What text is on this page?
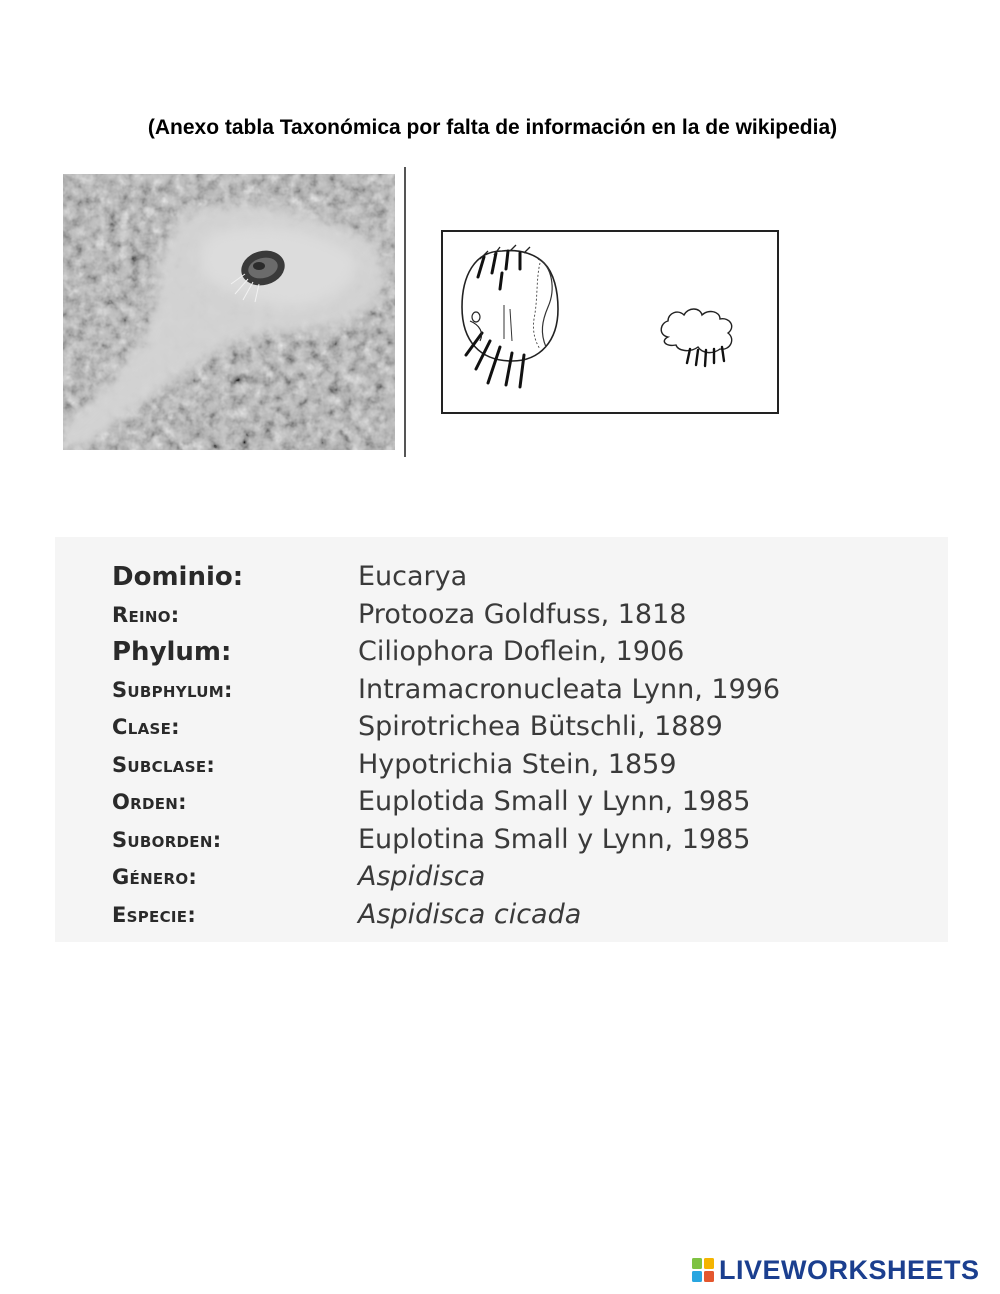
(Anexo tabla Taxonómica por falta de información en la de wikipedia)
Dominio:	Eucarya
Reino:	Protooza Goldfuss, 1818
Phylum:	Ciliophora Doflein, 1906
Subphylum:	Intramacronucleata Lynn, 1996
Clase:	Spirotrichea Bütschli, 1889
Subclase:	Hypotrichia Stein, 1859
Orden:	Euplotida Small y Lynn, 1985
Suborden:	Euplotina Small y Lynn, 1985
Género:	Aspidisca
Especie:	Aspidisca cicada
LIVEWORKSHEETS
